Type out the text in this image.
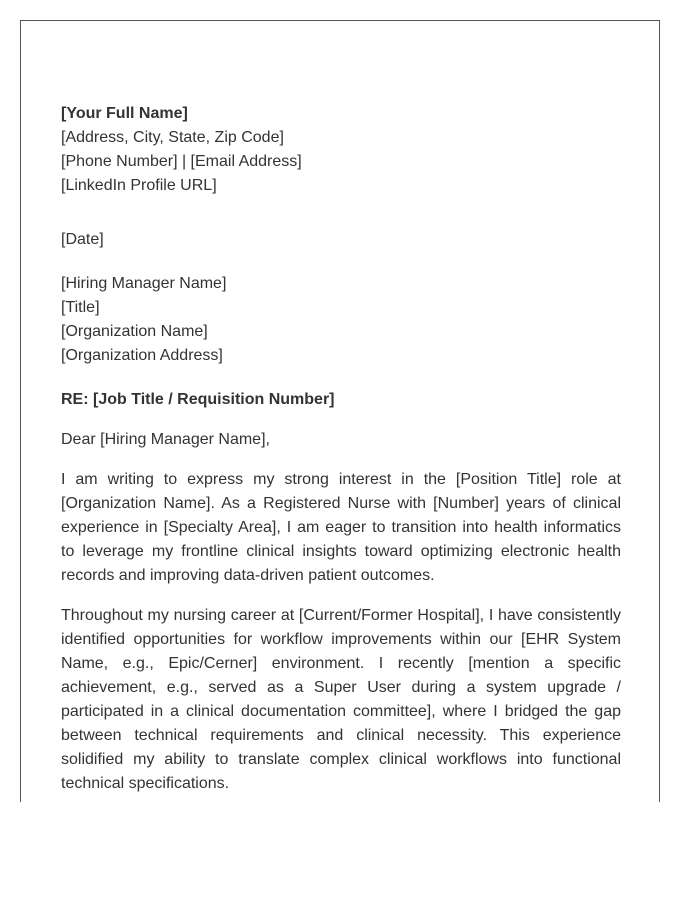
[Your Full Name]
[Address, City, State, Zip Code]
[Phone Number] | [Email Address]
[LinkedIn Profile URL]
[Date]
[Hiring Manager Name]
[Title]
[Organization Name]
[Organization Address]
RE: [Job Title / Requisition Number]
Dear [Hiring Manager Name],

I am writing to express my strong interest in the [Position Title] role at [Organization Name]. As a Registered Nurse with [Number] years of clinical experience in [Specialty Area], I am eager to transition into health informatics to leverage my frontline clinical insights toward optimizing electronic health records and improving data-driven patient outcomes.

Throughout my nursing career at [Current/Former Hospital], I have consistently identified opportunities for workflow improvements within our [EHR System Name, e.g., Epic/Cerner] environment. I recently [mention a specific achievement, e.g., served as a Super User during a system upgrade / participated in a clinical documentation committee], where I bridged the gap between technical requirements and clinical necessity. This experience solidified my ability to translate complex clinical workflows into functional technical specifications.
